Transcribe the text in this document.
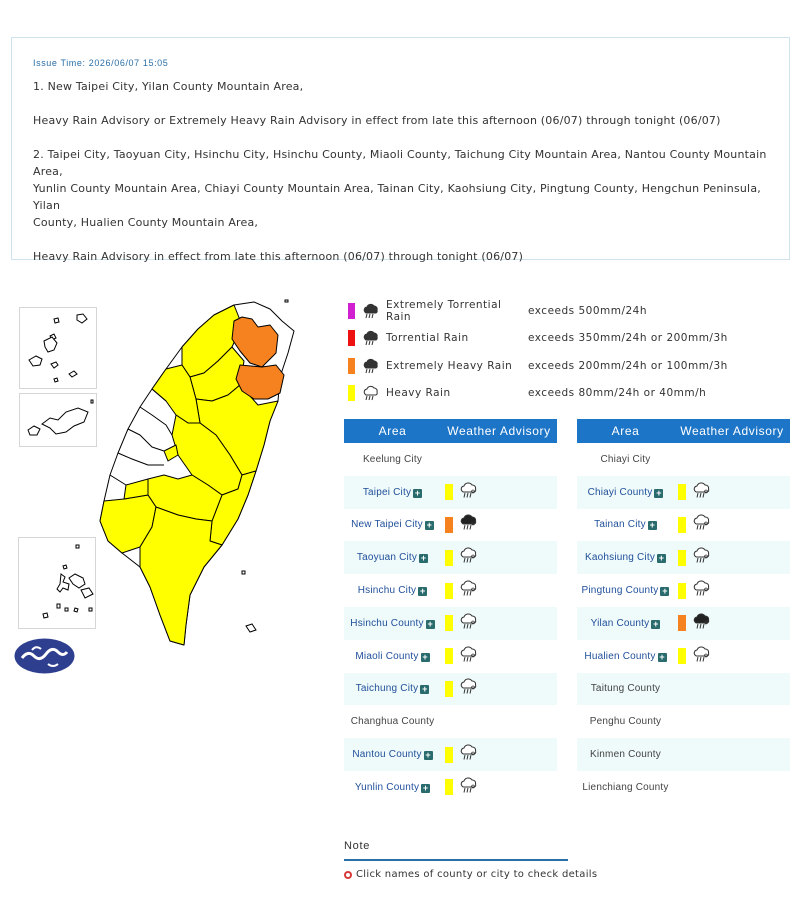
Issue Time: 2026/06/07 15:05
1. New Taipei City, Yilan County Mountain Area,
Heavy Rain Advisory or Extremely Heavy Rain Advisory in effect from late this afternoon (06/07) through tonight (06/07)
2. Taipei City, Taoyuan City, Hsinchu City, Hsinchu County, Miaoli County, Taichung City Mountain Area, Nantou County Mountain Area,
Yunlin County Mountain Area, Chiayi County Mountain Area, Tainan City, Kaohsiung City, Pingtung County, Hengchun Peninsula, Yilan
County, Hualien County Mountain Area,
Heavy Rain Advisory in effect from late this afternoon (06/07) through tonight (06/07)
Extremely Torrential Rain	exceeds 500mm/24h
Torrential Rain	exceeds 350mm/24h or 200mm/3h
Extremely Heavy Rain	exceeds 200mm/24h or 100mm/3h
Heavy Rain	exceeds 80mm/24h or 40mm/h
Area	Weather Advisory
Keelung City
Taipei City +
New Taipei City +
Taoyuan City +
Hsinchu City +
Hsinchu County +
Miaoli County +
Taichung City +
Changhua County
Nantou County +
Yunlin County +
Area	Weather Advisory
Chiayi City
Chiayi County +
Tainan City +
Kaohsiung City +
Pingtung County +
Yilan County +
Hualien County +
Taitung County
Penghu County
Kinmen County
Lienchiang County
Note
Click names of county or city to check details
